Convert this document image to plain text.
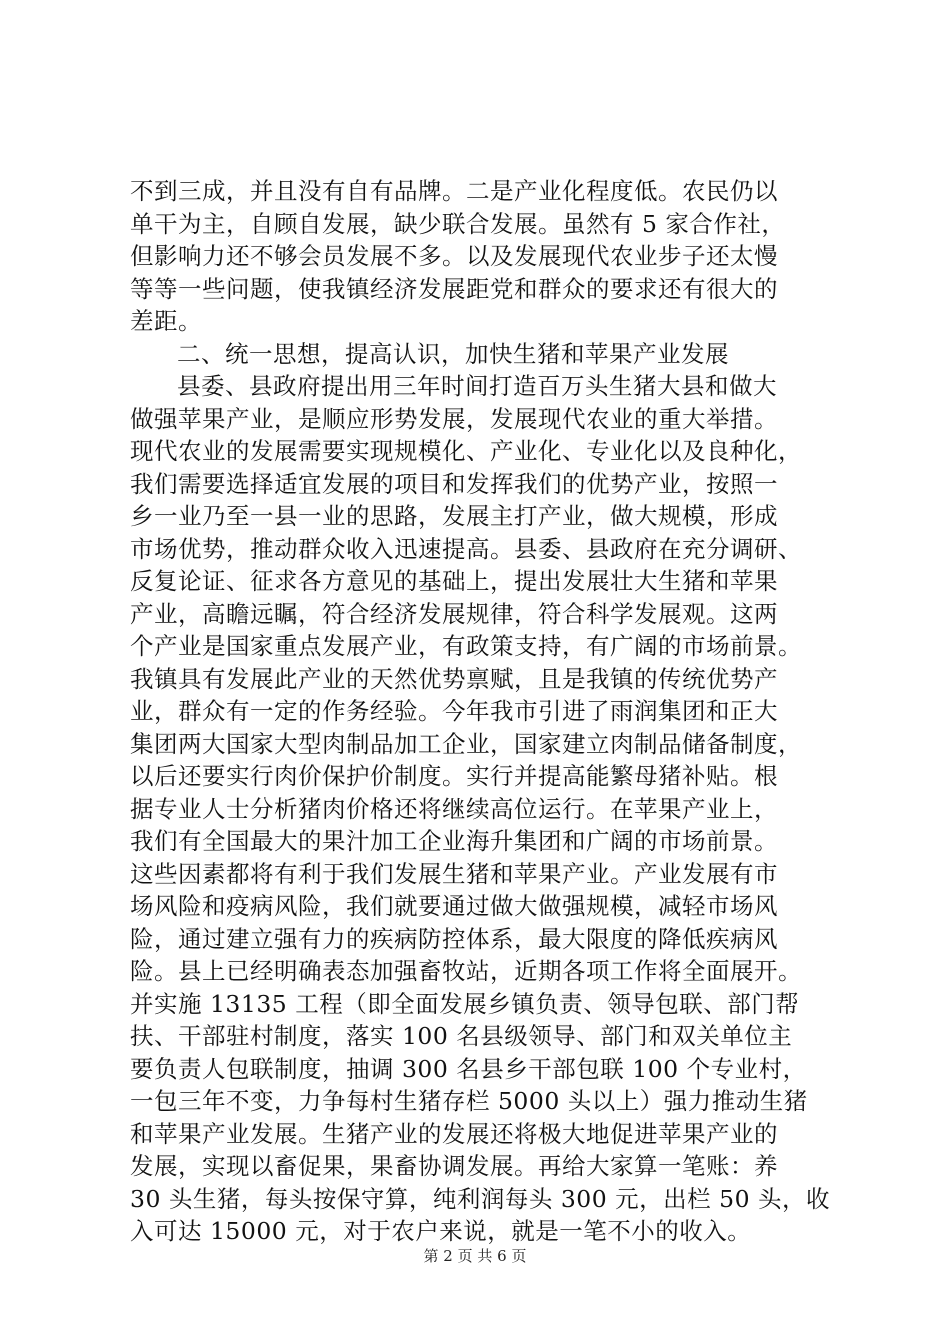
不到三成，并且没有自有品牌。二是产业化程度低。农民仍以
单干为主，自顾自发展，缺少联合发展。虽然有 5 家合作社，
但影响力还不够会员发展不多。以及发展现代农业步子还太慢
等等一些问题，使我镇经济发展距党和群众的要求还有很大的
差距。
二、统一思想，提高认识，加快生猪和苹果产业发展
县委、县政府提出用三年时间打造百万头生猪大县和做大
做强苹果产业，是顺应形势发展，发展现代农业的重大举措。
现代农业的发展需要实现规模化、产业化、专业化以及良种化，
我们需要选择适宜发展的项目和发挥我们的优势产业，按照一
乡一业乃至一县一业的思路，发展主打产业，做大规模，形成
市场优势，推动群众收入迅速提高。县委、县政府在充分调研、
反复论证、征求各方意见的基础上，提出发展壮大生猪和苹果
产业，高瞻远瞩，符合经济发展规律，符合科学发展观。这两
个产业是国家重点发展产业，有政策支持，有广阔的市场前景。
我镇具有发展此产业的天然优势禀赋，且是我镇的传统优势产
业，群众有一定的作务经验。今年我市引进了雨润集团和正大
集团两大国家大型肉制品加工企业，国家建立肉制品储备制度，
以后还要实行肉价保护价制度。实行并提高能繁母猪补贴。根
据专业人士分析猪肉价格还将继续高位运行。在苹果产业上，
我们有全国最大的果汁加工企业海升集团和广阔的市场前景。
这些因素都将有利于我们发展生猪和苹果产业。产业发展有市
场风险和疫病风险，我们就要通过做大做强规模，减轻市场风
险，通过建立强有力的疾病防控体系，最大限度的降低疾病风
险。县上已经明确表态加强畜牧站，近期各项工作将全面展开。
并实施 13135 工程（即全面发展乡镇负责、领导包联、部门帮
扶、干部驻村制度，落实 100 名县级领导、部门和双关单位主
要负责人包联制度，抽调 300 名县乡干部包联 100 个专业村，
一包三年不变，力争每村生猪存栏 5000 头以上）强力推动生猪
和苹果产业发展。生猪产业的发展还将极大地促进苹果产业的
发展，实现以畜促果，果畜协调发展。再给大家算一笔账：养
30 头生猪，每头按保守算，纯利润每头 300 元，出栏 50 头，收
入可达 15000 元，对于农户来说，就是一笔不小的收入。
第 2 页 共 6 页
